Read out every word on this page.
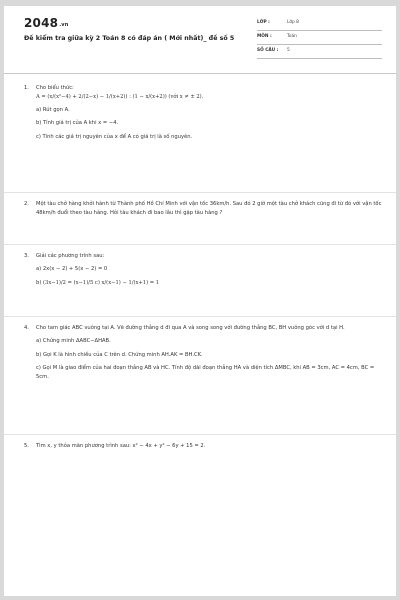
2048.vn
Đề kiểm tra giữa kỳ 2 Toán 8 có đáp án ( Mới nhất)_ đề số 5
LỚP :	Lớp 8
MÔN :	Toán
SỐ CÂU : 5
1. Cho biểu thức:
A = (x/(x²−4) + 2/(2−x) − 1/(x+2)) : (1 − x/(x+2)) (với x ≠ ± 2).
a) Rút gọn A.
b) Tính giá trị của A khi x = −4.
c) Tính các giá trị nguyên của x để A có giá trị là số nguyên.
2. Một tàu chở hàng khởi hành từ Thành phố Hồ Chí Minh với vận tốc 36km/h. Sau đó 2 giờ một tàu chở khách cũng đi từ đó với vận tốc 48km/h đuổi theo tàu hàng. Hỏi tàu khách đi bao lâu thì gặp tàu hàng ?
3. Giải các phương trình sau:
a) 2x(x − 2) + 5(x − 2) = 0
b) (3x−1)/2 = (x−1)/5 c) x/(x−1) − 1/(x+1) = 1
4. Cho tam giác ABC vuông tại A. Vẽ đường thẳng d đi qua A và song song với đường thẳng BC, BH vuông góc với d tại H.
a) Chứng minh ΔABC∽ΔHAB.
b) Gọi K là hình chiếu của C trên d. Chứng minh AH.AK = BH.CK.
c) Gọi M là giao điểm của hai đoạn thẳng AB và HC. Tính độ dài đoạn thẳng HA và diện tích ΔMBC, khi AB = 3cm, AC = 4cm, BC = 5cm.
5. Tìm x, y thỏa mãn phương trình sau: x² − 4x + y² − 6y + 15 = 2.
